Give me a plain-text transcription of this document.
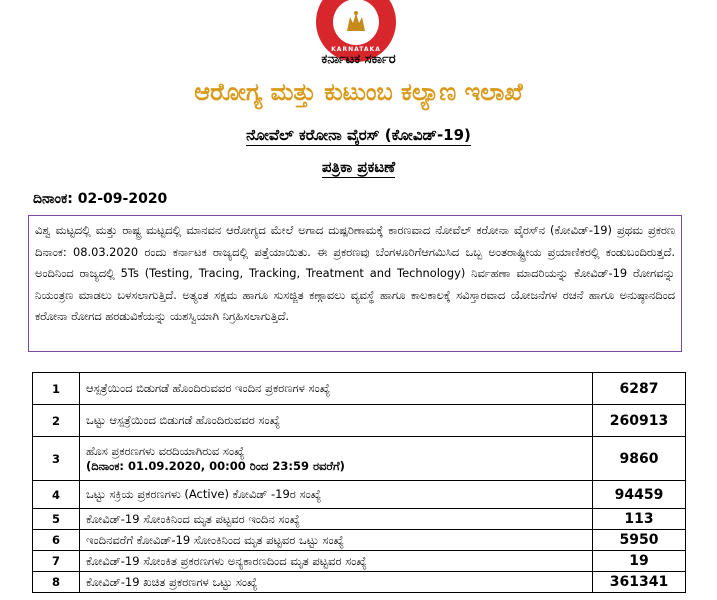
KARNATAKA
ಕರ್ನಾಟಕ ಸರ್ಕಾರ
ಆರೋಗ್ಯ ಮತ್ತು ಕುಟುಂಬ ಕಲ್ಯಾಣ ಇಲಾಖೆ
ನೋವೆಲ್ ಕರೋನಾ ವೈರಸ್ (ಕೋವಿಡ್-19)
ಪತ್ರಿಕಾ ಪ್ರಕಟಣೆ
ದಿನಾಂಕ: 02-09-2020
ವಿಶ್ವ ಮಟ್ಟದಲ್ಲಿ ಮತ್ತು ರಾಷ್ಟ್ರ ಮಟ್ಟದಲ್ಲಿ ಮಾನವನ ಆರೋಗ್ಯದ ಮೇಲೆ ಅಗಾದ ದುಷ್ಪರಿಣಾಮಕ್ಕೆ ಕಾರಣವಾದ ನೋವೆಲ್ ಕರೋನಾ ವೈರಸ್‌ನ (ಕೋವಿಡ್-19) ಪ್ರಥಮ ಪ್ರಕರಣ ದಿನಾಂಕ: 08.03.2020 ರಂದು ಕರ್ನಾಟಕ ರಾಜ್ಯದಲ್ಲಿ ಪತ್ತೆಯಾಯಿತು. ಈ ಪ್ರಕರಣವು ಬೆಂಗಳೂರಿಗೆಆಗಮಿಸಿದ ಒಬ್ಬ ಅಂತರಾಷ್ಟ್ರೀಯ ಪ್ರಯಾಣಿಕರಲ್ಲಿ ಕಂಡುಬಂದಿರುತ್ತದೆ. ಅಂದಿನಿಂದ ರಾಜ್ಯದಲ್ಲಿ 5Ts (Testing, Tracing, Tracking, Treatment and Technology) ನಿರ್ವಹಣಾ ಮಾದರಿಯನ್ನು ಕೋವಿಡ್-19 ರೋಗವನ್ನು ನಿಯಂತ್ರಣ ಮಾಡಲು ಬಳಸಲಾಗುತ್ತಿದೆ. ಅತ್ಯಂತ ಸಕ್ಷಮ ಹಾಗೂ ಸುಸಜ್ಜಿತ ಕಣ್ಗಾವಲು ವ್ಯವಸ್ಥೆ ಹಾಗೂ ಕಾಲಕಾಲಕ್ಕೆ ಸವಿಸ್ತಾರವಾದ ಯೋಜನೆಗಳ ರಚನೆ ಹಾಗೂ ಅನುಷ್ಠಾನದಿಂದ ಕರೋನಾ ರೋಗದ ಹರಡುವಿಕೆಯನ್ನು ಯಶಸ್ವಿಯಾಗಿ ನಿಗ್ರಹಿಸಲಾಗುತ್ತಿದೆ.
1	ಆಸ್ಪತ್ರೆಯಿಂದ ಬಿಡುಗಡೆ ಹೊಂದಿರುವವರ ಇಂದಿನ ಪ್ರಕರಣಗಳ ಸಂಖ್ಯೆ	6287
2	ಒಟ್ಟು ಆಸ್ಪತ್ರೆಯಿಂದ ಬಿಡುಗಡೆ ಹೊಂದಿರುವವರ ಸಂಖ್ಯೆ	260913
3	ಹೊಸ ಪ್ರಕರಣಗಳು ವರದಿಯಾಗಿರುವ ಸಂಖ್ಯೆ
(ದಿನಾಂಕ: 01.09.2020, 00:00 ರಿಂದ 23:59 ರವರೆಗೆ)	9860
4	ಒಟ್ಟು ಸಕ್ರಿಯ ಪ್ರಕರಣಗಳು (Active) ಕೋವಿಡ್ -19ರ ಸಂಖ್ಯೆ	94459
5	ಕೋವಿಡ್-19 ಸೋಂಕಿನಿಂದ ಮೃತ ಪಟ್ಟವರ ಇಂದಿನ ಸಂಖ್ಯೆ	113
6	ಇಂದಿನವರೆಗೆ ಕೋವಿಡ್-19 ಸೋಂಕಿನಿಂದ ಮೃತ ಪಟ್ಟವರ ಒಟ್ಟು ಸಂಖ್ಯೆ	5950
7	ಕೋವಿಡ್-19 ಸೋಂಕಿತ ಪ್ರಕರಣಗಳು ಅನ್ಯಕಾರಣದಿಂದ ಮೃತ ಪಟ್ಟವರ ಸಂಖ್ಯೆ	19
8	ಕೋವಿಡ್-19 ಖಚಿತ ಪ್ರಕರಣಗಳ ಒಟ್ಟು ಸಂಖ್ಯೆ	361341
